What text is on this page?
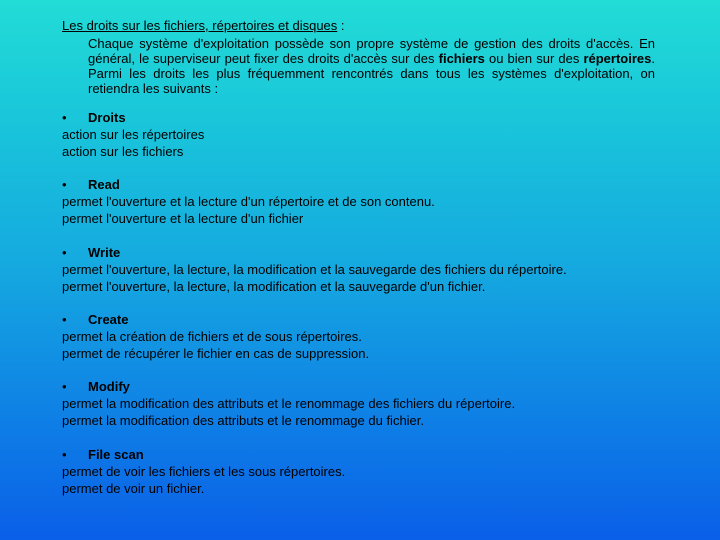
Les droits sur les fichiers, répertoires et disques :
Chaque système d'exploitation possède son propre système de gestion des droits d'accès. En général, le superviseur peut fixer des droits d'accès sur des fichiers ou bien sur des répertoires. Parmi les droits les plus fréquemment rencontrés dans tous les systèmes d'exploitation, on retiendra les suivants :
•	Droits
action sur les répertoires
action sur les fichiers
•	Read
permet l'ouverture et la lecture d'un répertoire et de son contenu.
permet l'ouverture et la lecture d'un fichier
•	Write
permet l'ouverture, la lecture, la modification et la sauvegarde des fichiers du répertoire.
permet l'ouverture, la lecture, la modification et la sauvegarde d'un fichier.
•	Create
permet la création de fichiers et de sous répertoires.
permet de récupérer le fichier en cas de suppression.
•	Modify
permet la modification des attributs et le renommage des fichiers du répertoire.
permet la modification des attributs et le renommage du fichier.
•	File scan
permet de voir les fichiers et les sous répertoires.
permet de voir un fichier.
